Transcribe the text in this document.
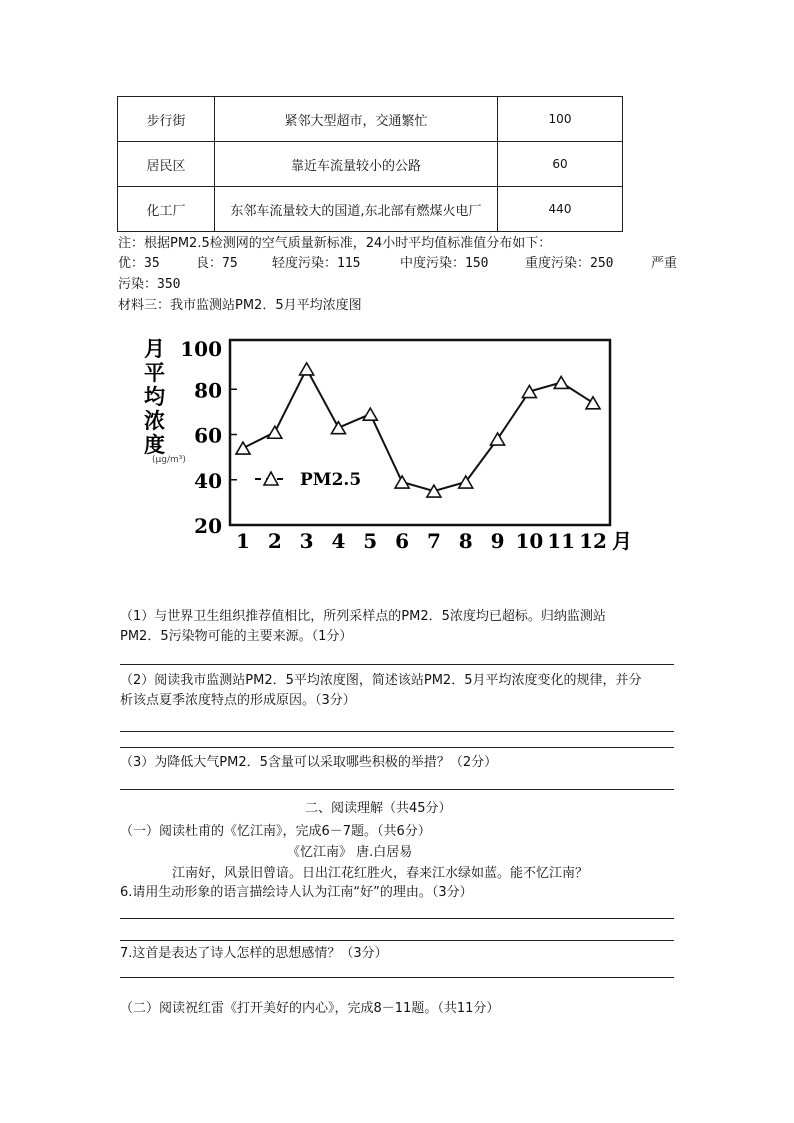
步行街	紧邻大型超市，交通繁忙	100
居民区	靠近车流量较小的公路	60
化工厂	东邻车流量较大的国道,东北部有燃煤火电厂	440
注：根据PM2.5检测网的空气质量新标准，24小时平均值标准值分布如下：
优：35	良：75	轻度污染：115	中度污染：150	重度污染：250	严重
污染：350
材料三：我市监测站PM2．5月平均浓度图
月
平
均
浓
度
(μg/m³)
20
40
60
80
100
1 2 3 4 5 6 7 8 9 10 11 12 月
PM2.5
（1）与世界卫生组织推荐值相比，所列采样点的PM2．5浓度均已超标。归纳监测站
PM2．5污染物可能的主要来源。（1分）
（2）阅读我市监测站PM2．5平均浓度图，简述该站PM2．5月平均浓度变化的规律，并分
析该点夏季浓度特点的形成原因。（3分）
（3）为降低大气PM2．5含量可以采取哪些积极的举措？（2分）
二、阅读理解（共45分）
（一）阅读杜甫的《忆江南》，完成6－7题。（共6分）
《忆江南》 唐.白居易
江南好，风景旧曾谙。日出江花红胜火，春来江水绿如蓝。能不忆江南？
6.请用生动形象的语言描绘诗人认为江南“好”的理由。（3分）
7.这首是表达了诗人怎样的思想感情？（3分）
（二）阅读祝红雷《打开美好的内心》，完成8－11题。（共11分）
